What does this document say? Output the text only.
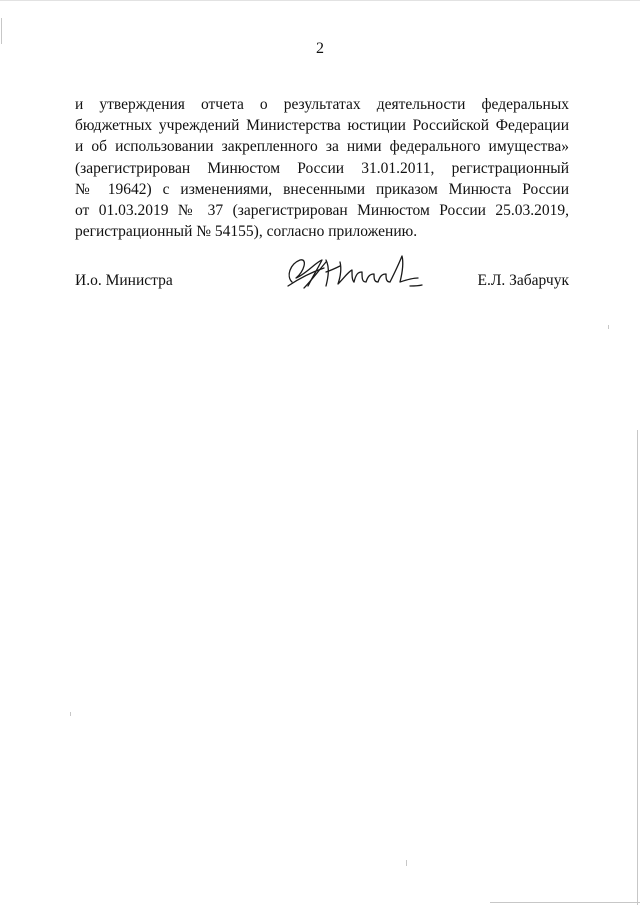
2
и утверждения отчета о результатах деятельности федеральных
бюджетных учреждений Министерства юстиции Российской Федерации
и об использовании закрепленного за ними федерального имущества»
(зарегистрирован Минюстом России 31.01.2011, регистрационный
№ 19642) с изменениями, внесенными приказом Минюста России
от 01.03.2019 № 37 (зарегистрирован Минюстом России 25.03.2019,
регистрационный № 54155), согласно приложению.
И.о. Министра	Е.Л. Забарчук
